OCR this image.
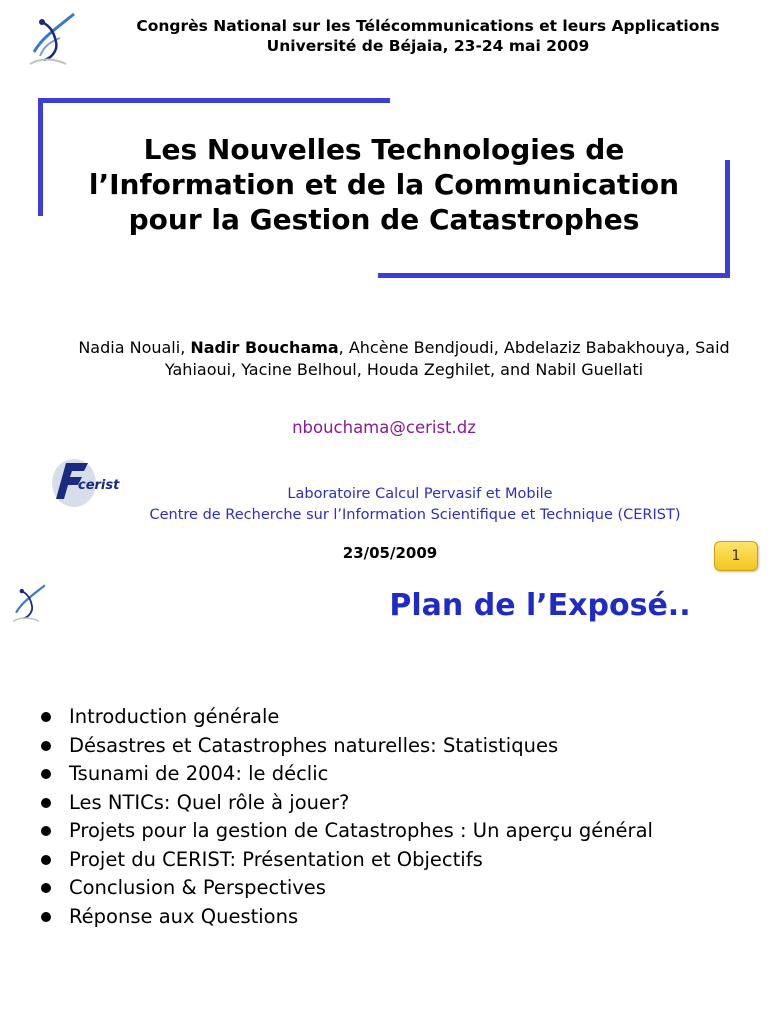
Congrès National sur les Télécommunications et leurs Applications
Université de Béjaia, 23-24 mai 2009
Les Nouvelles Technologies de
l’Information et de la Communication
pour la Gestion de Catastrophes
Nadia Nouali, Nadir Bouchama, Ahcène Bendjoudi, Abdelaziz Babakhouya, Said Yahiaoui, Yacine Belhoul, Houda Zeghilet, and Nabil Guellati
nbouchama@cerist.dz
cerist
Laboratoire Calcul Pervasif et Mobile
Centre de Recherche sur l’Information Scientifique et Technique (CERIST)
23/05/2009	1
Plan de l’Exposé..
Introduction générale
Désastres et Catastrophes naturelles: Statistiques
Tsunami de 2004: le déclic
Les NTICs: Quel rôle à jouer?
Projets pour la gestion de Catastrophes : Un aperçu général
Projet du CERIST: Présentation et Objectifs
Conclusion & Perspectives
Réponse aux Questions
